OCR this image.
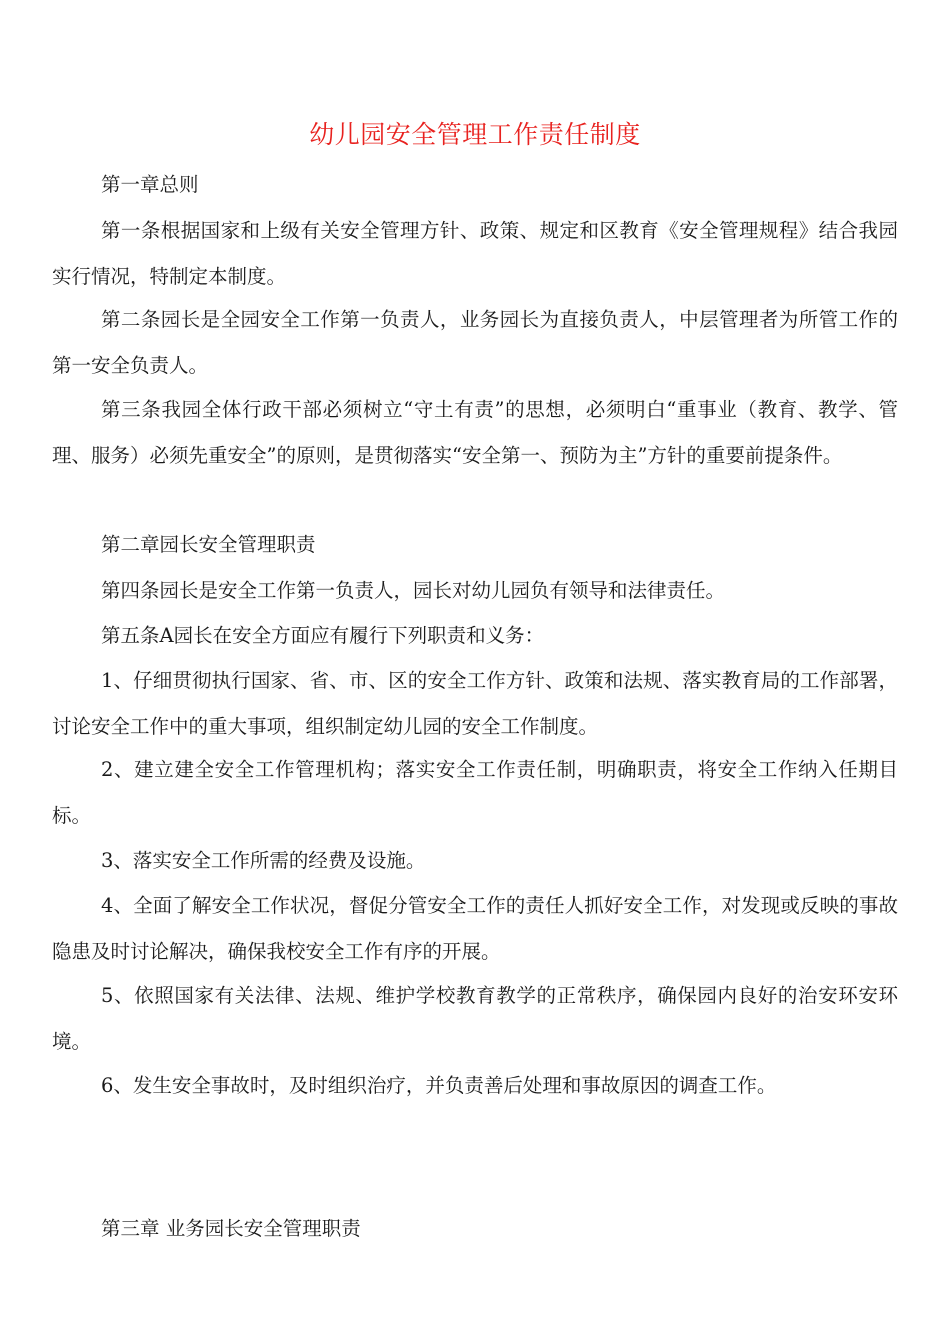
幼儿园安全管理工作责任制度

第一章总则

第一条根据国家和上级有关安全管理方针、政策、规定和区教育《安全管理规程》结合我园实行情况，特制定本制度。

第二条园长是全园安全工作第一负责人，业务园长为直接负责人，中层管理者为所管工作的第一安全负责人。

第三条我园全体行政干部必须树立“守土有责”的思想，必须明白“重事业（教育、教学、管理、服务）必须先重安全”的原则，是贯彻落实“安全第一、预防为主”方针的重要前提条件。

第二章园长安全管理职责

第四条园长是安全工作第一负责人，园长对幼儿园负有领导和法律责任。

第五条A园长在安全方面应有履行下列职责和义务：

1、仔细贯彻执行国家、省、市、区的安全工作方针、政策和法规、落实教育局的工作部署，讨论安全工作中的重大事项，组织制定幼儿园的安全工作制度。

2、建立建全安全工作管理机构；落实安全工作责任制，明确职责，将安全工作纳入任期目标。

3、落实安全工作所需的经费及设施。

4、全面了解安全工作状况，督促分管安全工作的责任人抓好安全工作，对发现或反映的事故隐患及时讨论解决，确保我校安全工作有序的开展。

5、依照国家有关法律、法规、维护学校教育教学的正常秩序，确保园内良好的治安环安环境。

6、发生安全事故时，及时组织治疗，并负责善后处理和事故原因的调查工作。

第三章 业务园长安全管理职责
